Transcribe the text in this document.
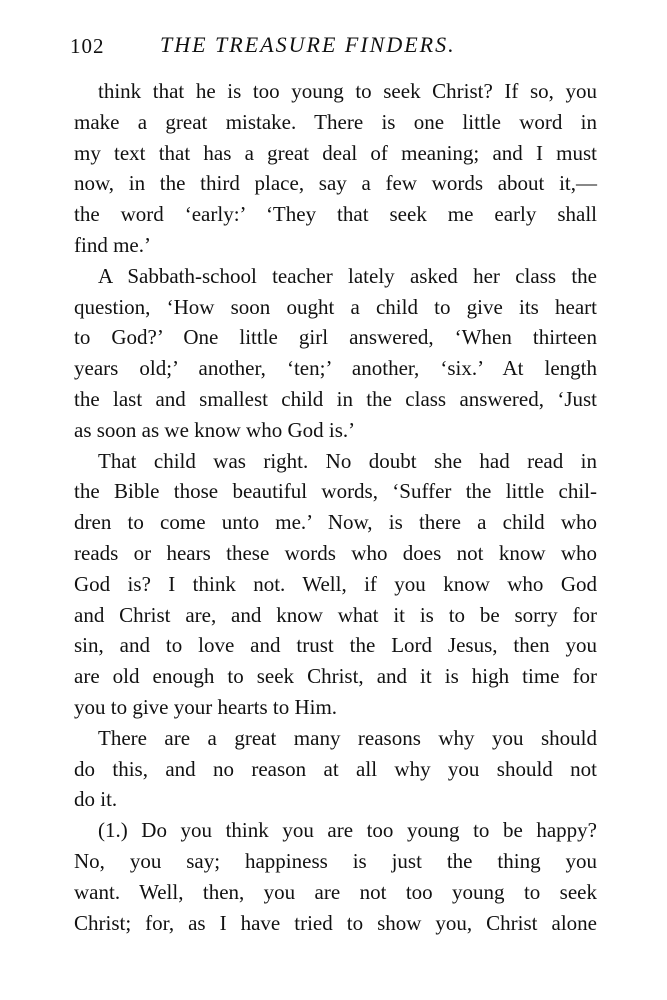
102	THE TREASURE FINDERS.
think that he is too young to seek Christ? If so, you
make a great mistake. There is one little word in
my text that has a great deal of meaning; and I must
now, in the third place, say a few words about it,—
the word ‘early:’ ‘They that seek me early shall
find me.’
A Sabbath-school teacher lately asked her class the
question, ‘How soon ought a child to give its heart
to God?’ One little girl answered, ‘When thirteen
years old;’ another, ‘ten;’ another, ‘six.’ At length
the last and smallest child in the class answered, ‘Just
as soon as we know who God is.’
That child was right. No doubt she had read in
the Bible those beautiful words, ‘Suffer the little chil-
dren to come unto me.’ Now, is there a child who
reads or hears these words who does not know who
God is? I think not. Well, if you know who God
and Christ are, and know what it is to be sorry for
sin, and to love and trust the Lord Jesus, then you
are old enough to seek Christ, and it is high time for
you to give your hearts to Him.
There are a great many reasons why you should
do this, and no reason at all why you should not
do it.
(1.) Do you think you are too young to be happy?
No, you say; happiness is just the thing you
want. Well, then, you are not too young to seek
Christ; for, as I have tried to show you, Christ alone
